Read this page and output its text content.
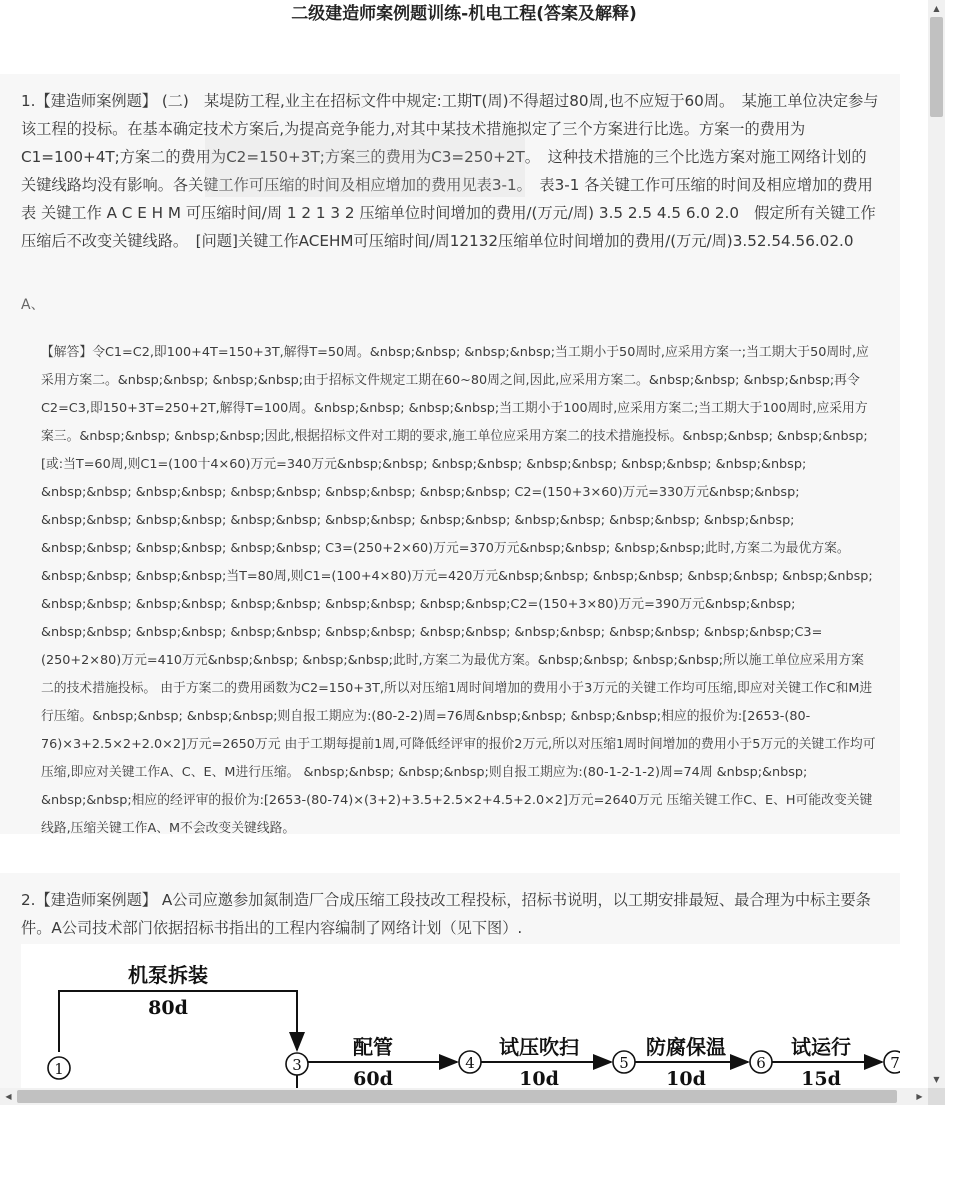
二级建造师案例题训练-机电工程(答案及解释)
1.【建造师案例题】 (二)　某堤防工程,业主在招标文件中规定:工期T(周)不得超过80周,也不应短于60周。　某施工单位决定参与该工程的投标。在基本确定技术方案后,为提高竞争能力,对其中某技术措施拟定了三个方案进行比选。方案一的费用为C1=100+4T;方案二的费用为C2=150+3T;方案三的费用为C3=250+2T。　这种技术措施的三个比选方案对施工网络计划的关键线路均没有影响。各关键工作可压缩的时间及相应增加的费用见表3-1。　表3-1 各关键工作可压缩的时间及相应增加的费用表 关键工作 A C E H M 可压缩时间/周 1 2 1 3 2 压缩单位时间增加的费用/(万元/周) 3.5 2.5 4.5 6.0 2.0　假定所有关键工作压缩后不改变关键线路。　[问题]关键工作ACEHM可压缩时间/周12132压缩单位时间增加的费用/(万元/周)3.52.54.56.02.0
A、
【解答】令C1=C2,即100+4T=150+3T,解得T=50周。&nbsp;&nbsp; &nbsp;&nbsp;当工期小于50周时,应采用方案一;当工期大于50周时,应采用方案二。&nbsp;&nbsp; &nbsp;&nbsp;由于招标文件规定工期在60~80周之间,因此,应采用方案二。&nbsp;&nbsp; &nbsp;&nbsp;再令C2=C3,即150+3T=250+2T,解得T=100周。&nbsp;&nbsp; &nbsp;&nbsp;当工期小于100周时,应采用方案二;当工期大于100周时,应采用方案三。&nbsp;&nbsp; &nbsp;&nbsp;因此,根据招标文件对工期的要求,施工单位应采用方案二的技术措施投标。&nbsp;&nbsp; &nbsp;&nbsp;[或:当T=60周,则C1=(100十4×60)万元=340万元&nbsp;&nbsp; &nbsp;&nbsp; &nbsp;&nbsp; &nbsp;&nbsp; &nbsp;&nbsp; &nbsp;&nbsp; &nbsp;&nbsp; &nbsp;&nbsp; &nbsp;&nbsp; &nbsp;&nbsp; C2=(150+3×60)万元=330万元&nbsp;&nbsp; &nbsp;&nbsp; &nbsp;&nbsp; &nbsp;&nbsp; &nbsp;&nbsp; &nbsp;&nbsp; &nbsp;&nbsp; &nbsp;&nbsp; &nbsp;&nbsp; &nbsp;&nbsp; &nbsp;&nbsp; &nbsp;&nbsp; C3=(250+2×60)万元=370万元&nbsp;&nbsp; &nbsp;&nbsp;此时,方案二为最优方案。&nbsp;&nbsp; &nbsp;&nbsp;当T=80周,则C1=(100+4×80)万元=420万元&nbsp;&nbsp; &nbsp;&nbsp; &nbsp;&nbsp; &nbsp;&nbsp; &nbsp;&nbsp; &nbsp;&nbsp; &nbsp;&nbsp; &nbsp;&nbsp; &nbsp;&nbsp;C2=(150+3×80)万元=390万元&nbsp;&nbsp; &nbsp;&nbsp; &nbsp;&nbsp; &nbsp;&nbsp; &nbsp;&nbsp; &nbsp;&nbsp; &nbsp;&nbsp; &nbsp;&nbsp; &nbsp;&nbsp;C3=(250+2×80)万元=410万元&nbsp;&nbsp; &nbsp;&nbsp;此时,方案二为最优方案。&nbsp;&nbsp; &nbsp;&nbsp;所以施工单位应采用方案二的技术措施投标。 由于方案二的费用函数为C2=150+3T,所以对压缩1周时间增加的费用小于3万元的关键工作均可压缩,即应对关键工作C和M进行压缩。&nbsp;&nbsp; &nbsp;&nbsp;则自报工期应为:(80-2-2)周=76周&nbsp;&nbsp; &nbsp;&nbsp;相应的报价为:[2653-(80-76)×3+2.5×2+2.0×2]万元=2650万元 由于工期每提前1周,可降低经评审的报价2万元,所以对压缩1周时间增加的费用小于5万元的关键工作均可压缩,即应对关键工作A、C、E、M进行压缩。 &nbsp;&nbsp; &nbsp;&nbsp;则自报工期应为:(80-1-2-1-2)周=74周 &nbsp;&nbsp; &nbsp;&nbsp;相应的经评审的报价为:[2653-(80-74)×(3+2)+3.5+2.5×2+4.5+2.0×2]万元=2640万元 压缩关键工作C、E、H可能改变关键线路,压缩关键工作A、M不会改变关键线路。
2.【建造师案例题】 A公司应邀参加氮制造厂合成压缩工段技改工程投标，招标书说明，以工期安排最短、最合理为中标主要条件。A公司技术部门依据招标书指出的工程内容编制了网络计划（见下图）.
机泵拆装
80d
1	3
配管
60d
4
试压吹扫
10d
5
防腐保温
10d
6
试运行
15d
7
▲
▼
◀	▶
